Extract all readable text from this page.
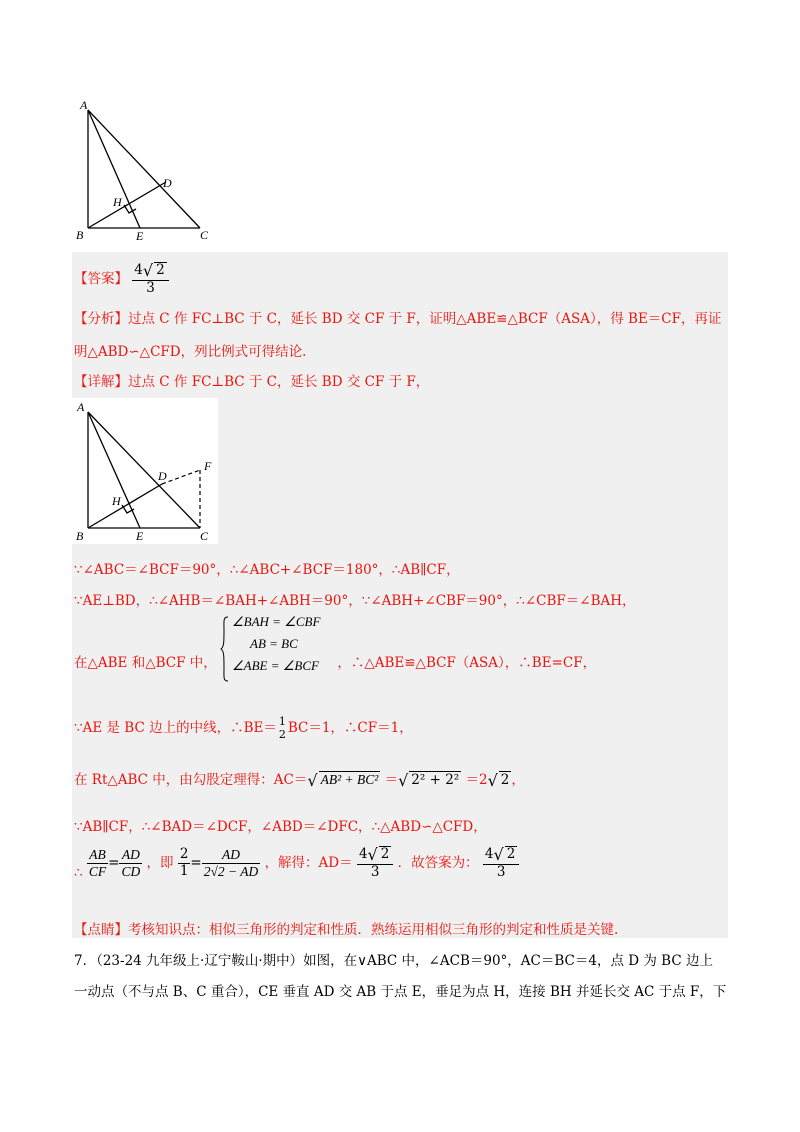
A
B	C
D
E
H
【答案】 $\frac{4√ 2}{3}$
【分析】过点 C 作 FC⊥BC 于 C，延长 BD 交 CF 于 F，证明△ABE≌△BCF（ASA），得 BE＝CF，再证
明△ABD∽△CFD，列比例式可得结论.
【详解】过点 C 作 FC⊥BC 于 C，延长 BD 交 CF 于 F，
A
B	C
D
E
H
F
∵∠ABC＝∠BCF＝90°，∴∠ABC+∠BCF＝180°，∴AB∥CF，
∵AE⊥BD，∴∠AHB＝∠BAH+∠ABH＝90°，∵∠ABH+∠CBF＝90°，∴∠CBF＝∠BAH，
在△ABE 和△BCF 中，	，∴△ABE≌△BCF（ASA），∴BE=CF，
∠BAH = ∠CBF
AB = BC
∠ABE = ∠BCF
∵AE 是 BC 边上的中线，∴BE＝ 1
2 BC＝1，∴CF＝1，
在 Rt△ABC 中，由勾股定理得：AC＝√ AB² + BC² ＝√ 2² + 2² ＝2√ 2 ，
∵AB∥CF，∴∠BAD＝∠DCF，∠ABD＝∠DFC，∴△ABD∽△CFD，
∴ $\frac{AB}{CF} = \frac{AD}{CD}$ ，即 $\frac{2}{1} = \frac{AD}{2√2 - AD}$ ，解得：$AD= \frac{4√ 2}{3}$ ．故答案为： $\frac{4√ 2}{3}$
【点睛】考核知识点：相似三角形的判定和性质．熟练运用相似三角形的判定和性质是关键.
7．（23-24 九年级上·辽宁鞍山·期中）如图，在∨ABC 中，∠ACB＝90°，AC＝BC＝4，点 D 为 BC 边上
一动点（不与点 B、C 重合），CE 垂直 AD 交 AB 于点 E，垂足为点 H，连接 BH 并延长交 AC 于点 F，下
